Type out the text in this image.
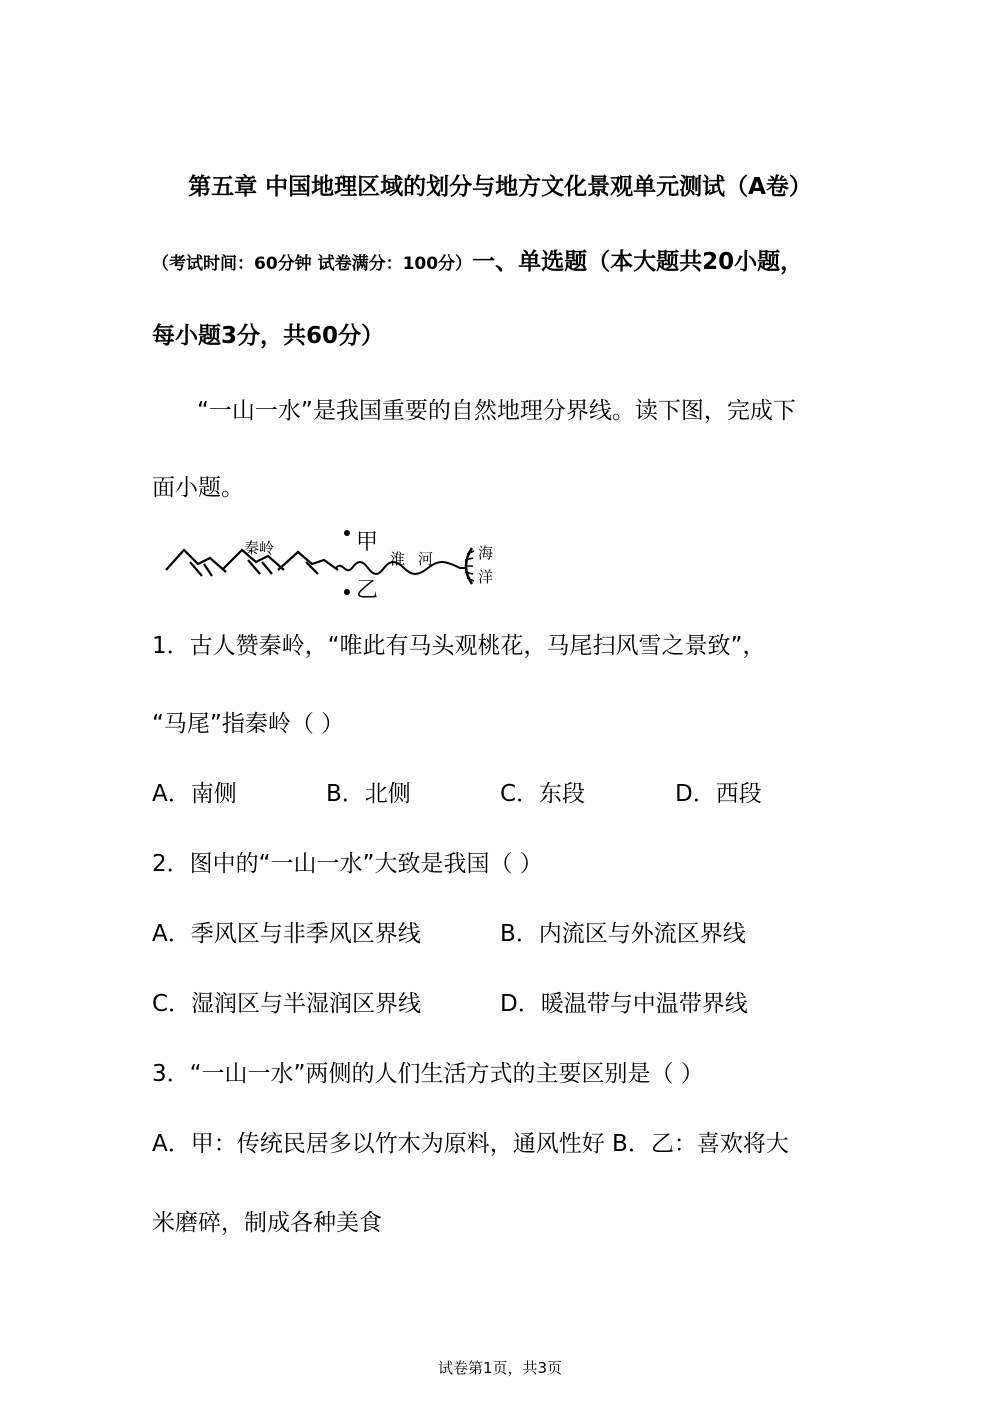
第五章 中国地理区域的划分与地方文化景观单元测试（A卷）
（考试时间：60分钟 试卷满分：100分）一、单选题（本大题共20小题，
每小题3分，共60分）
“一山一水”是我国重要的自然地理分界线。读下图，完成下
面小题。
秦岭	甲
乙
淮 河	海
洋
1．古人赞秦岭，“唯此有马头观桃花，马尾扫风雪之景致”，
“马尾”指秦岭（ ）
A．南侧	B．北侧	C．东段	D．西段
2．图中的“一山一水”大致是我国（ ）
A．季风区与非季风区界线	B．内流区与外流区界线
C．湿润区与半湿润区界线	D．暖温带与中温带界线
3．“一山一水”两侧的人们生活方式的主要区别是（ ）
A．甲：传统民居多以竹木为原料，通风性好 B．乙：喜欢将大
米磨碎，制成各种美食
试卷第1页，共3页
